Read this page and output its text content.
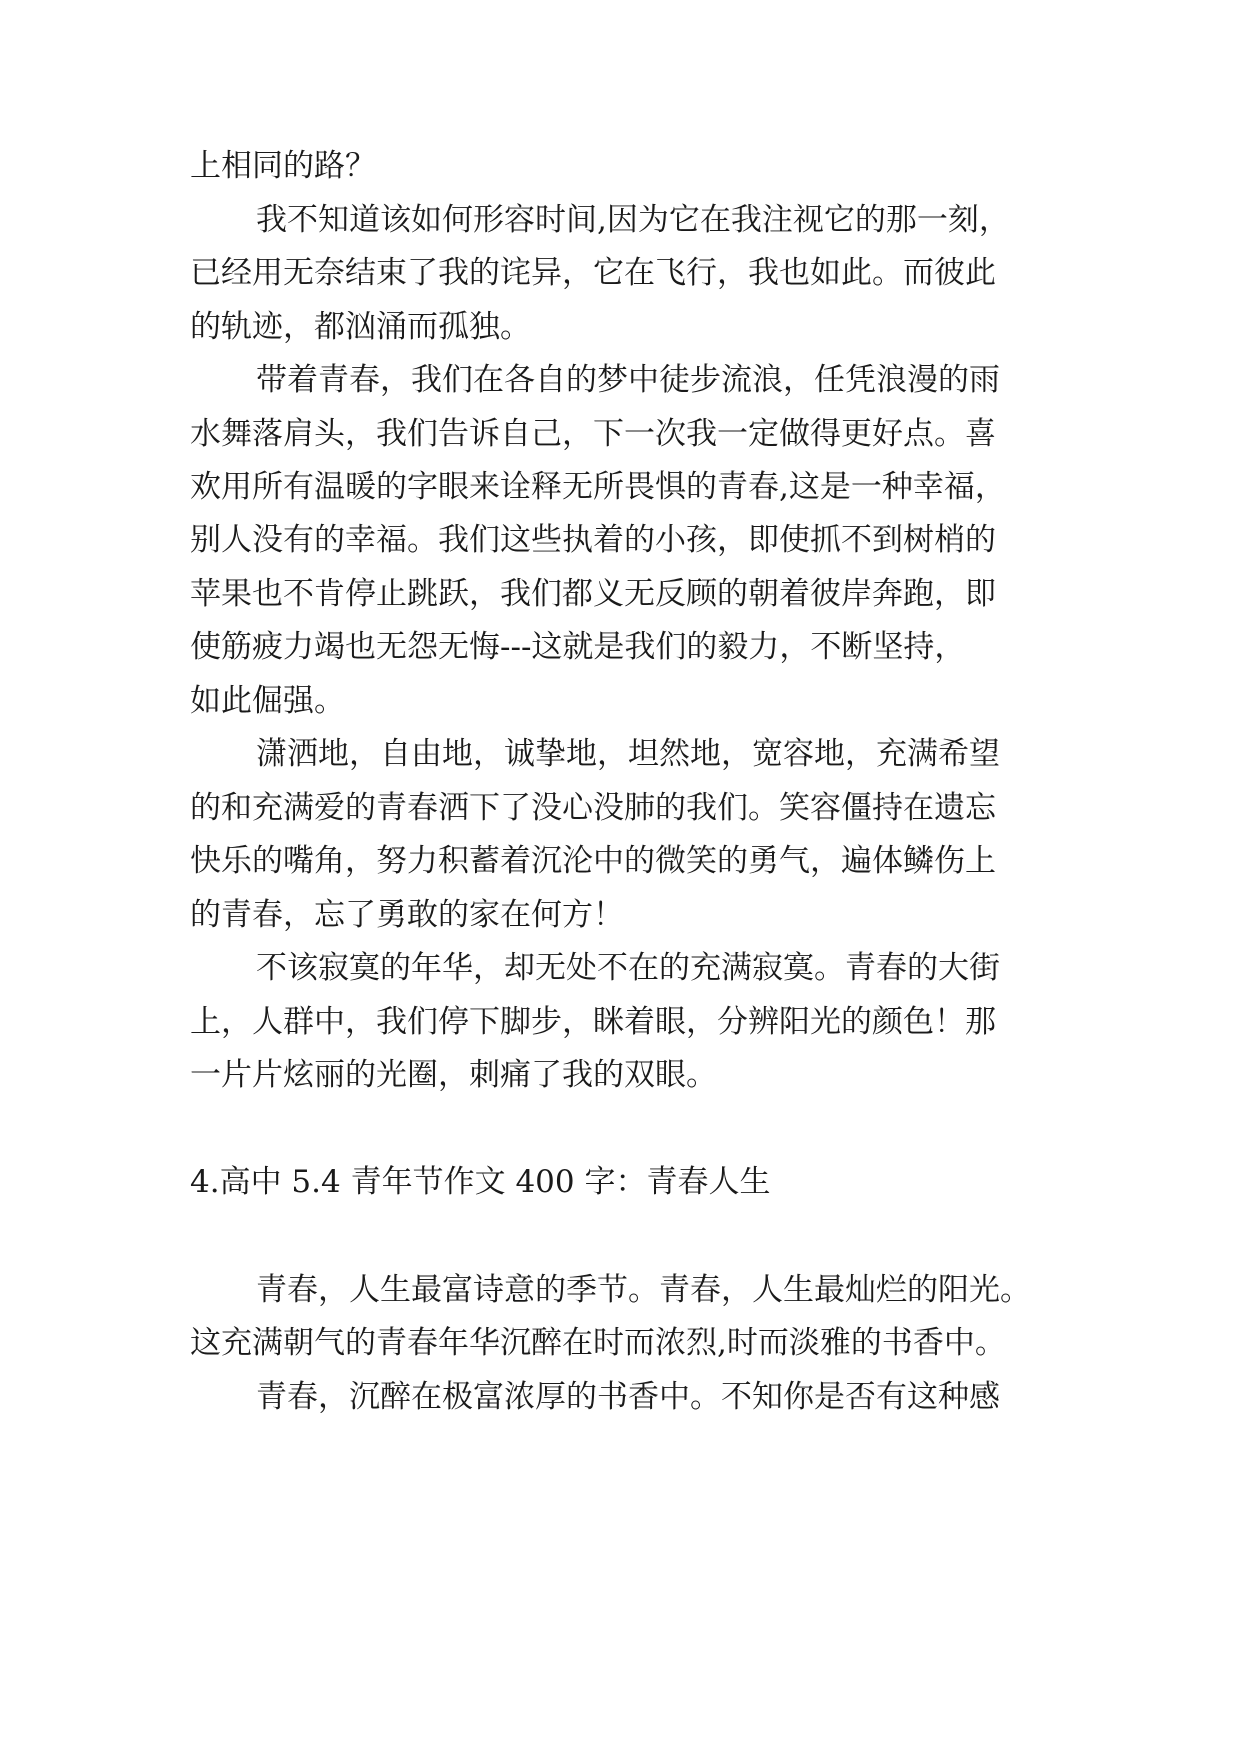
上相同的路？

我不知道该如何形容时间,因为它在我注视它的那一刻，

已经用无奈结束了我的诧异，它在飞行，我也如此。而彼此

的轨迹，都汹涌而孤独。

带着青春，我们在各自的梦中徒步流浪，任凭浪漫的雨

水舞落肩头，我们告诉自己，下一次我一定做得更好点。喜

欢用所有温暖的字眼来诠释无所畏惧的青春,这是一种幸福，

别人没有的幸福。我们这些执着的小孩，即使抓不到树梢的

苹果也不肯停止跳跃，我们都义无反顾的朝着彼岸奔跑，即

使筋疲力竭也无怨无悔---这就是我们的毅力，不断坚持，

如此倔强。

潇洒地，自由地，诚挚地，坦然地，宽容地，充满希望

的和充满爱的青春洒下了没心没肺的我们。笑容僵持在遗忘

快乐的嘴角，努力积蓄着沉沦中的微笑的勇气，遍体鳞伤上

的青春，忘了勇敢的家在何方！

不该寂寞的年华，却无处不在的充满寂寞。青春的大街

上，人群中，我们停下脚步，眯着眼，分辨阳光的颜色！那

一片片炫丽的光圈，刺痛了我的双眼。

4.高中 5.4 青年节作文 400 字：青春人生

青春，人生最富诗意的季节。青春，人生最灿烂的阳光。

这充满朝气的青春年华沉醉在时而浓烈,时而淡雅的书香中。

青春，沉醉在极富浓厚的书香中。不知你是否有这种感
